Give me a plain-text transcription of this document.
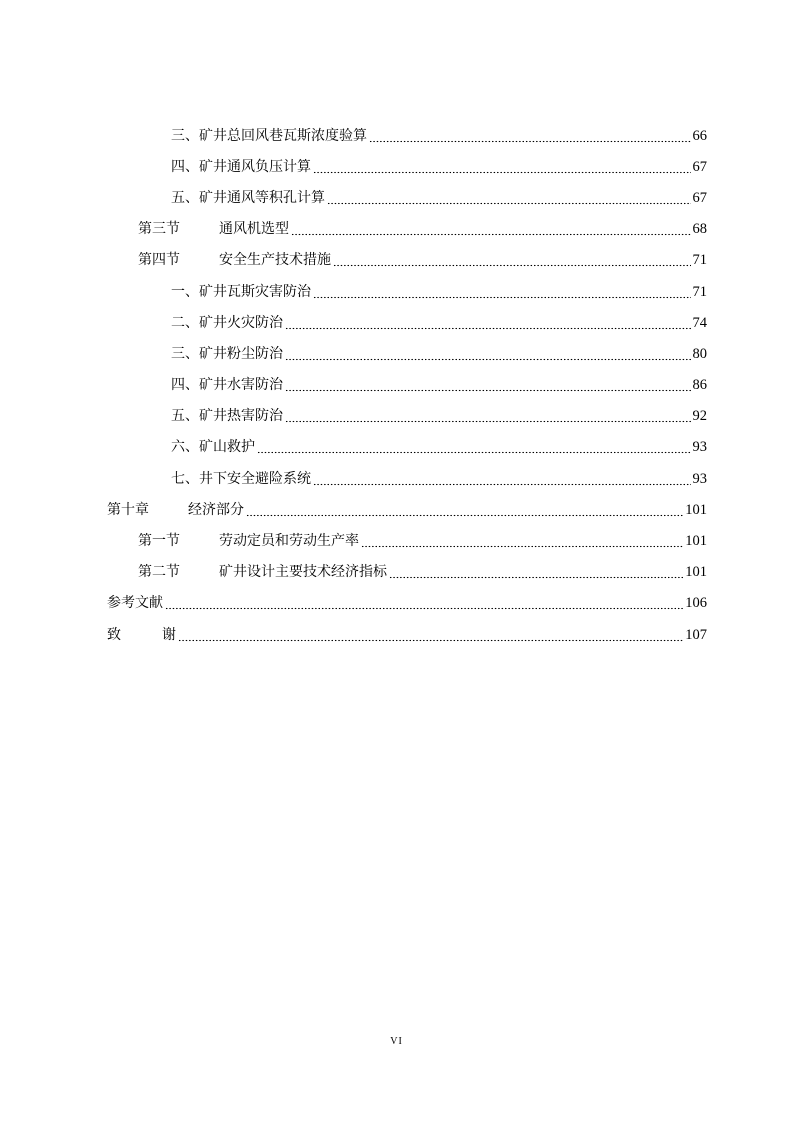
三、矿井总回风巷瓦斯浓度验算	66
四、矿井通风负压计算	67
五、矿井通风等积孔计算	67
第三节	通风机选型	68
第四节	安全生产技术措施	71
一、矿井瓦斯灾害防治	71
二、矿井火灾防治	74
三、矿井粉尘防治	80
四、矿井水害防治	86
五、矿井热害防治	92
六、矿山救护	93
七、井下安全避险系统	93
第十章	经济部分	101
第一节	劳动定员和劳动生产率	101
第二节	矿井设计主要技术经济指标	101
参考文献	106
致	谢	107
VI
